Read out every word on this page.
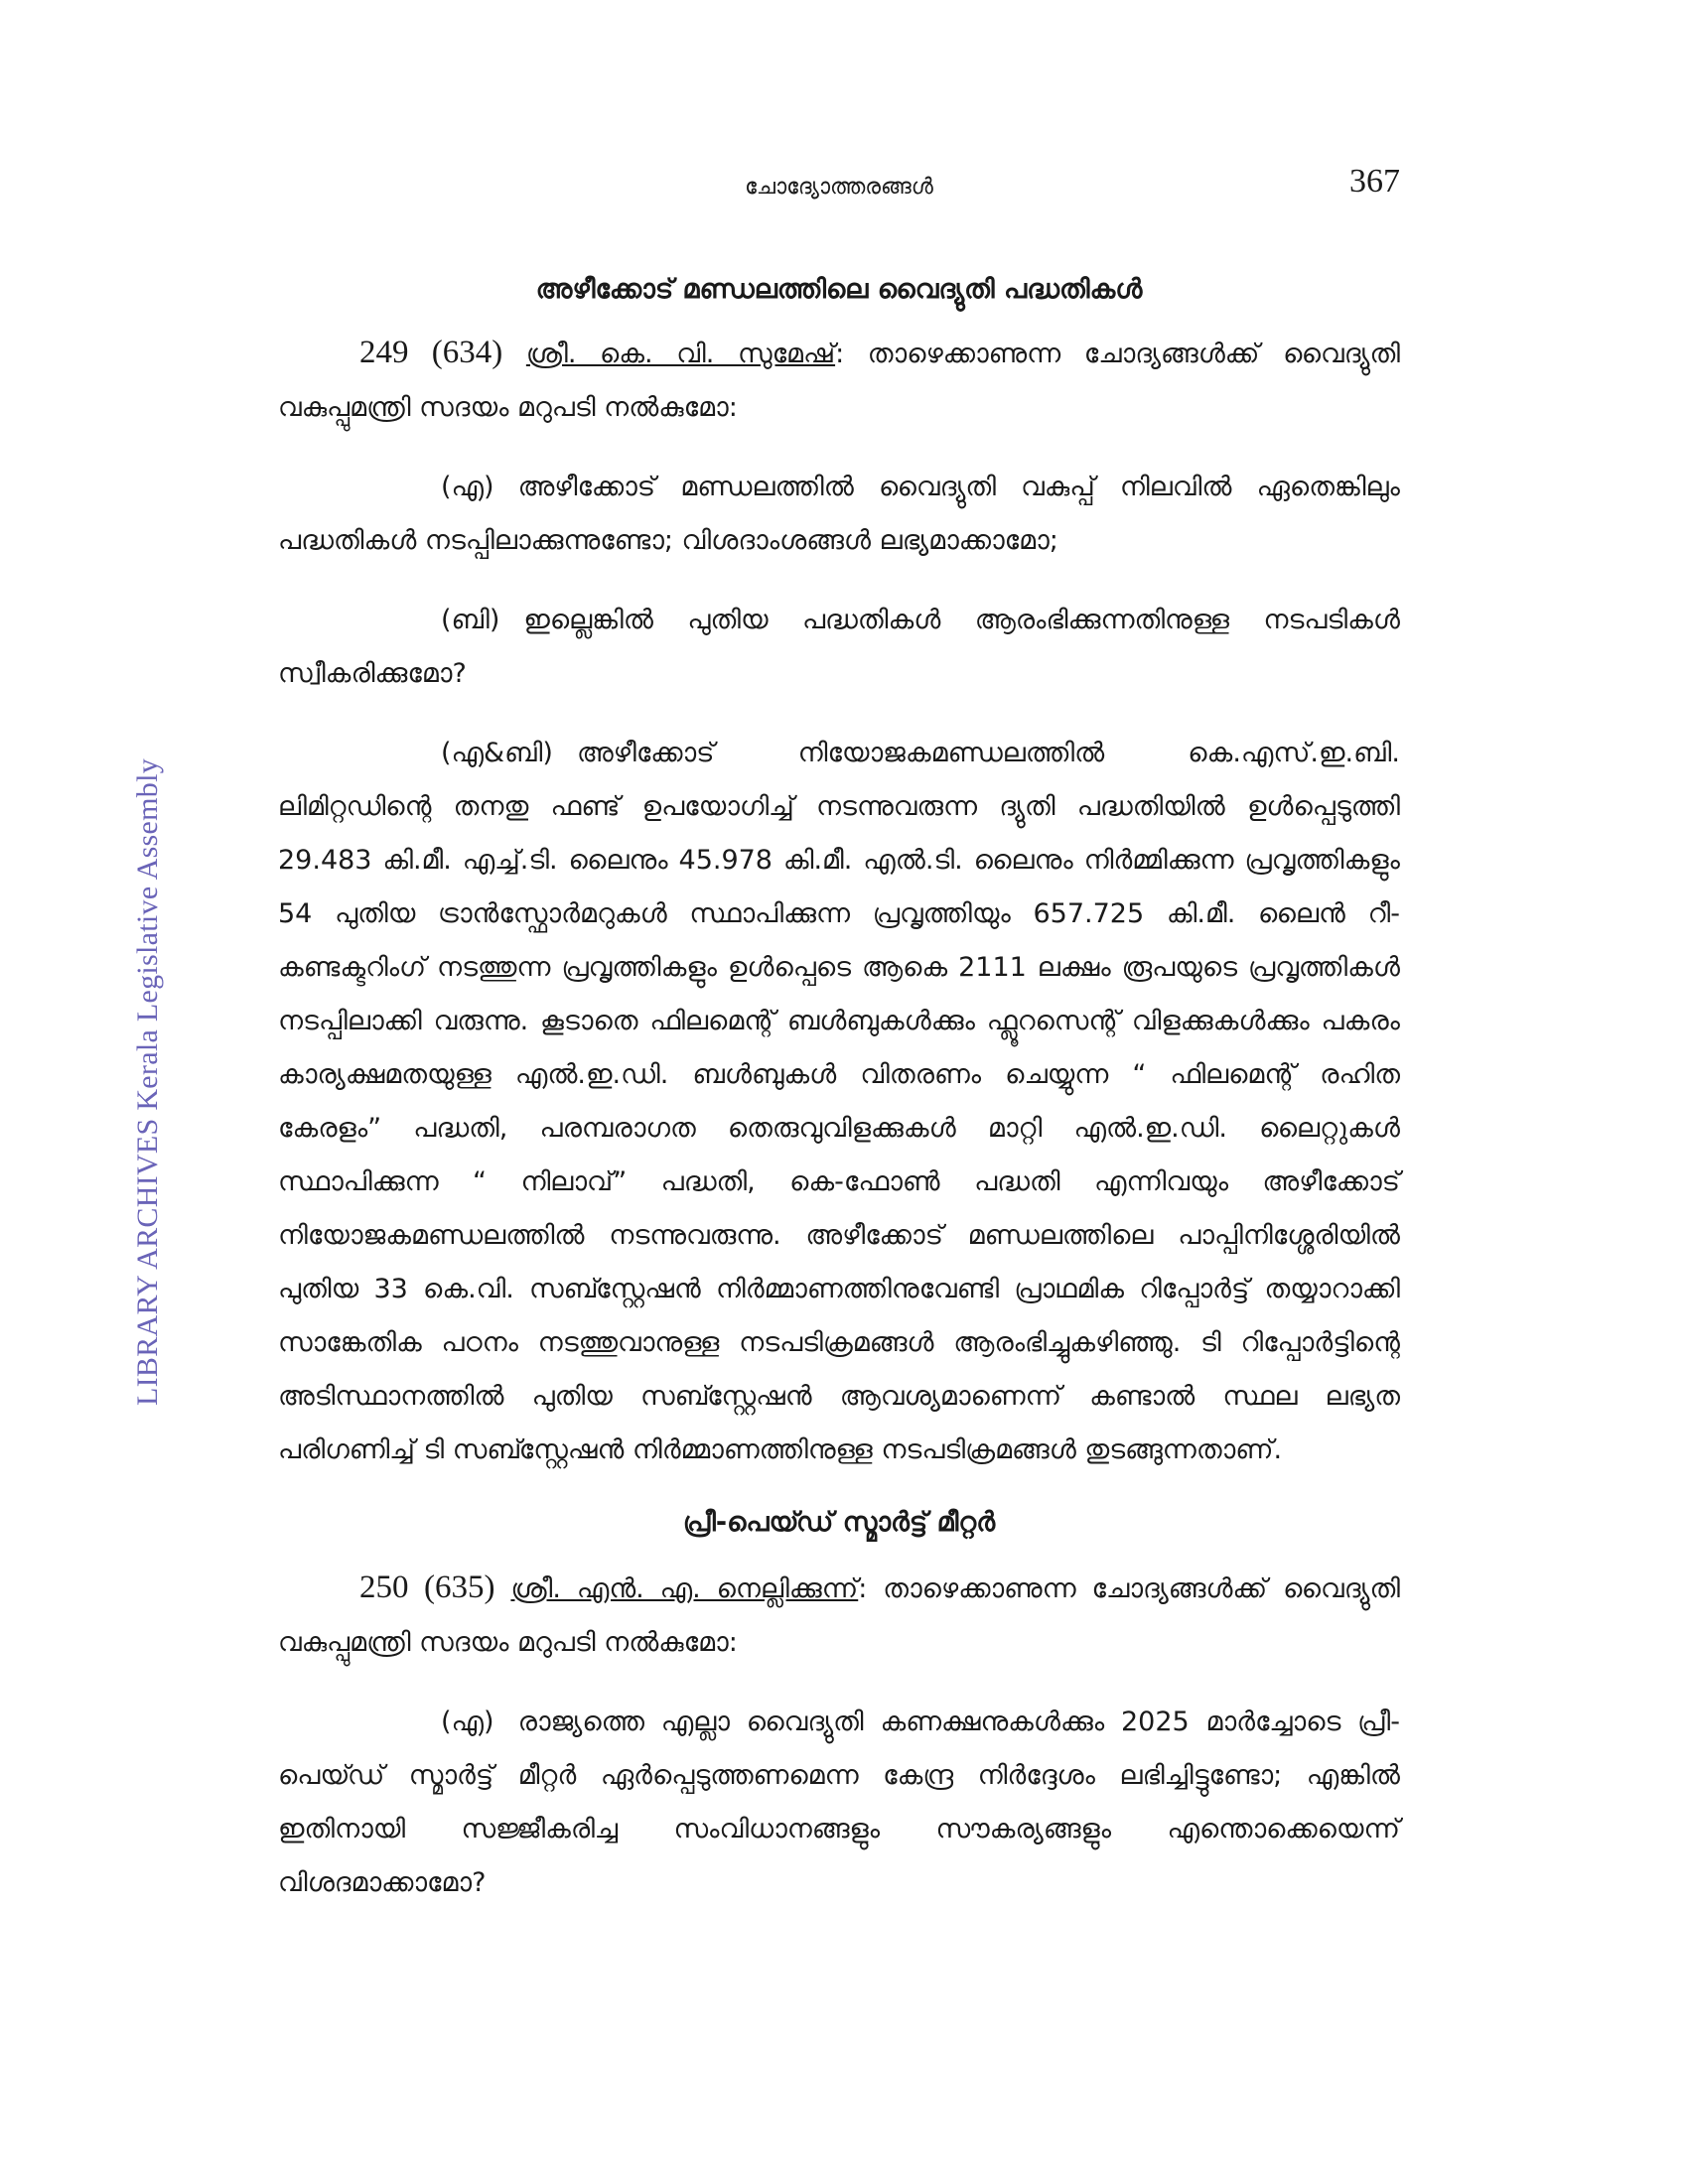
ചോദ്യോത്തരങ്ങൾ	367
LIBRARY ARCHIVES Kerala Legislative Assembly

അഴീക്കോട് മണ്ഡലത്തിലെ വൈദ്യുതി പദ്ധതികൾ

249 (634) ശ്രീ. കെ. വി. സുമേഷ്: താഴെക്കാണുന്ന ചോദ്യങ്ങൾക്ക് വൈദ്യുതി വകുപ്പുമന്ത്രി സദയം മറുപടി നൽകുമോ:

(എ) അഴീക്കോട് മണ്ഡലത്തിൽ വൈദ്യുതി വകുപ്പ് നിലവിൽ ഏതെങ്കിലും പദ്ധതികൾ നടപ്പിലാക്കുന്നുണ്ടോ; വിശദാംശങ്ങൾ ലഭ്യമാക്കാമോ;

(ബി) ഇല്ലെങ്കിൽ പുതിയ പദ്ധതികൾ ആരംഭിക്കുന്നതിനുള്ള നടപടികൾ സ്വീകരിക്കുമോ?

(എ&ബി) അഴീക്കോട് നിയോജകമണ്ഡലത്തിൽ കെ.എസ്.ഇ.ബി. ലിമിറ്റഡിന്റെ തനതു ഫണ്ട് ഉപയോഗിച്ച് നടന്നുവരുന്ന ദ്യുതി പദ്ധതിയിൽ ഉൾപ്പെടുത്തി 29.483 കി.മീ. എച്ച്.ടി. ലൈനും 45.978 കി.മീ. എൽ.ടി. ലൈനും നിർമ്മിക്കുന്ന പ്രവൃത്തികളും 54 പുതിയ ട്രാൻസ്ഫോർമറുകൾ സ്ഥാപിക്കുന്ന പ്രവൃത്തിയും 657.725 കി.മീ. ലൈൻ റീ-കണ്ടക്ടറിംഗ് നടത്തുന്ന പ്രവൃത്തികളും ഉൾപ്പെടെ ആകെ 2111 ലക്ഷം രൂപയുടെ പ്രവൃത്തികൾ നടപ്പിലാക്കി വരുന്നു. കൂടാതെ ഫിലമെന്റ് ബൾബുകൾക്കും ഫ്ലൂറസെന്റ് വിളക്കുകൾക്കും പകരം കാര്യക്ഷമതയുള്ള എൽ.ഇ.ഡി. ബൾബുകൾ വിതരണം ചെയ്യുന്ന “ ഫിലമെന്റ് രഹിത കേരളം” പദ്ധതി, പരമ്പരാഗത തെരുവുവിളക്കുകൾ മാറ്റി എൽ.ഇ.ഡി. ലൈറ്റുകൾ സ്ഥാപിക്കുന്ന “ നിലാവ്” പദ്ധതി, കെ-ഫോൺ പദ്ധതി എന്നിവയും അഴീക്കോട് നിയോജകമണ്ഡലത്തിൽ നടന്നുവരുന്നു. അഴീക്കോട് മണ്ഡലത്തിലെ പാപ്പിനിശ്ശേരിയിൽ പുതിയ 33 കെ.വി. സബ്സ്റ്റേഷൻ നിർമ്മാണത്തിനുവേണ്ടി പ്രാഥമിക റിപ്പോർട്ട് തയ്യാറാക്കി സാങ്കേതിക പഠനം നടത്തുവാനുള്ള നടപടിക്രമങ്ങൾ ആരംഭിച്ചുകഴിഞ്ഞു. ടി റിപ്പോർട്ടിന്റെ അടിസ്ഥാനത്തിൽ പുതിയ സബ്സ്റ്റേഷൻ ആവശ്യമാണെന്ന് കണ്ടാൽ സ്ഥല ലഭ്യത പരിഗണിച്ച് ടി സബ്സ്റ്റേഷൻ നിർമ്മാണത്തിനുള്ള നടപടിക്രമങ്ങൾ തുടങ്ങുന്നതാണ്.

പ്രീ-പെയ്ഡ് സ്മാർട്ട് മീറ്റർ

250 (635) ശ്രീ. എൻ. എ. നെല്ലിക്കുന്ന്: താഴെക്കാണുന്ന ചോദ്യങ്ങൾക്ക് വൈദ്യുതി വകുപ്പുമന്ത്രി സദയം മറുപടി നൽകുമോ:

(എ) രാജ്യത്തെ എല്ലാ വൈദ്യുതി കണക്ഷനുകൾക്കും 2025 മാർച്ചോടെ പ്രീ-പെയ്ഡ് സ്മാർട്ട് മീറ്റർ ഏർപ്പെടുത്തണമെന്ന കേന്ദ്ര നിർദ്ദേശം ലഭിച്ചിട്ടുണ്ടോ; എങ്കിൽ ഇതിനായി സജ്ജീകരിച്ച സംവിധാനങ്ങളും സൗകര്യങ്ങളും എന്തൊക്കെയെന്ന് വിശദമാക്കാമോ?
